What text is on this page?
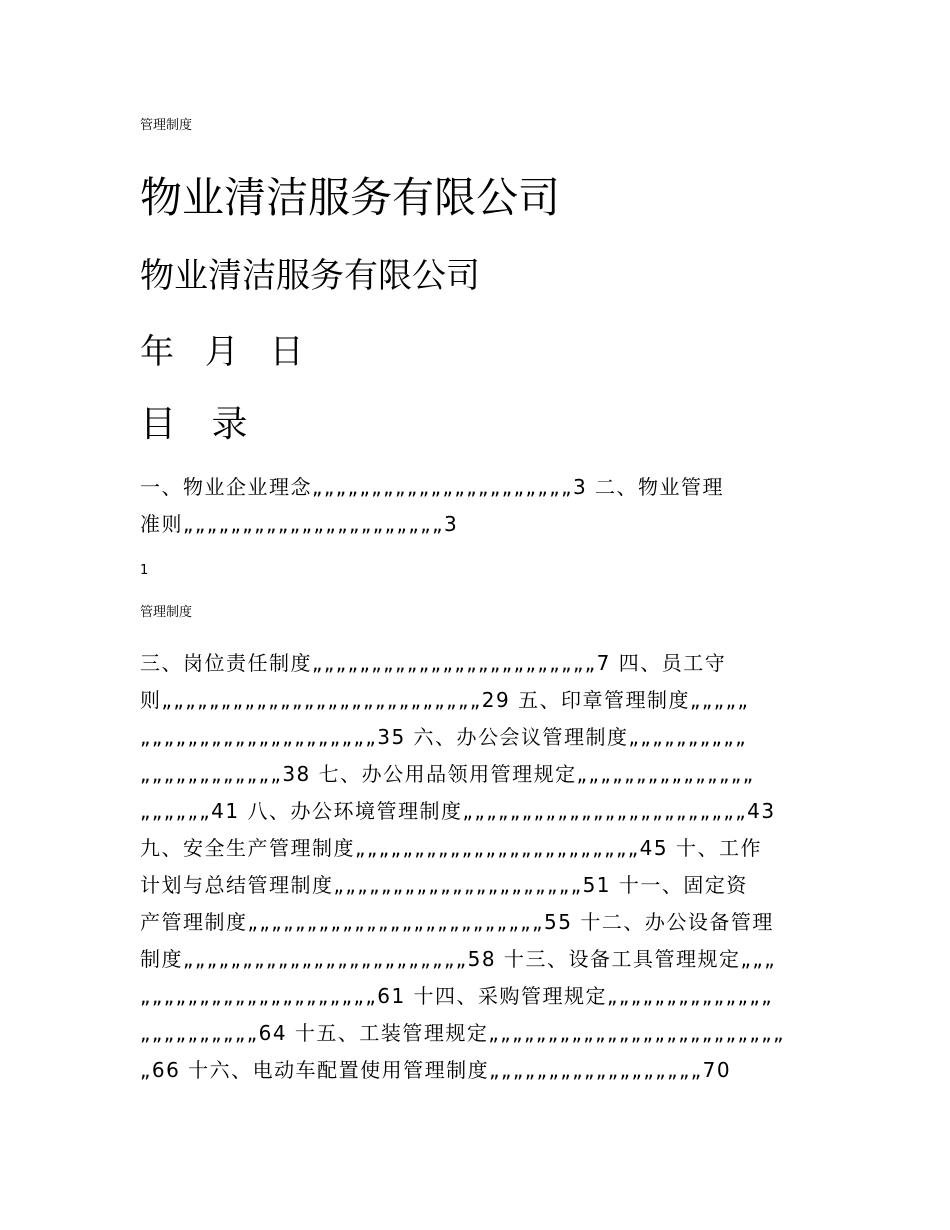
管理制度
物业清洁服务有限公司
物业清洁服务有限公司
年 月 日
目 录

一、物业企业理念„„„„„„„„„„„„„„„„„„„„„„3 二、物业管理
准则„„„„„„„„„„„„„„„„„„„„„„3

1
管理制度

三、岗位责任制度„„„„„„„„„„„„„„„„„„„„„„„„7 四、员工守
则„„„„„„„„„„„„„„„„„„„„„„„„„„„29 五、印章管理制度„„„„„
„„„„„„„„„„„„„„„„„„„„35 六、办公会议管理制度„„„„„„„„„„
„„„„„„„„„„„„38 七、办公用品领用管理规定„„„„„„„„„„„„„„„
„„„„„„41 八、办公环境管理制度„„„„„„„„„„„„„„„„„„„„„„„„43
九、安全生产管理制度„„„„„„„„„„„„„„„„„„„„„„„„45 十、工作
计划与总结管理制度„„„„„„„„„„„„„„„„„„„„„51 十一、固定资
产管理制度„„„„„„„„„„„„„„„„„„„„„„„„„55 十二、办公设备管理
制度„„„„„„„„„„„„„„„„„„„„„„„„58 十三、设备工具管理规定„„„
„„„„„„„„„„„„„„„„„„„„61 十四、采购管理规定„„„„„„„„„„„„„„
„„„„„„„„„„64 十五、工装管理规定„„„„„„„„„„„„„„„„„„„„„„„„„
„66 十六、电动车配置使用管理制度„„„„„„„„„„„„„„„„„„70
